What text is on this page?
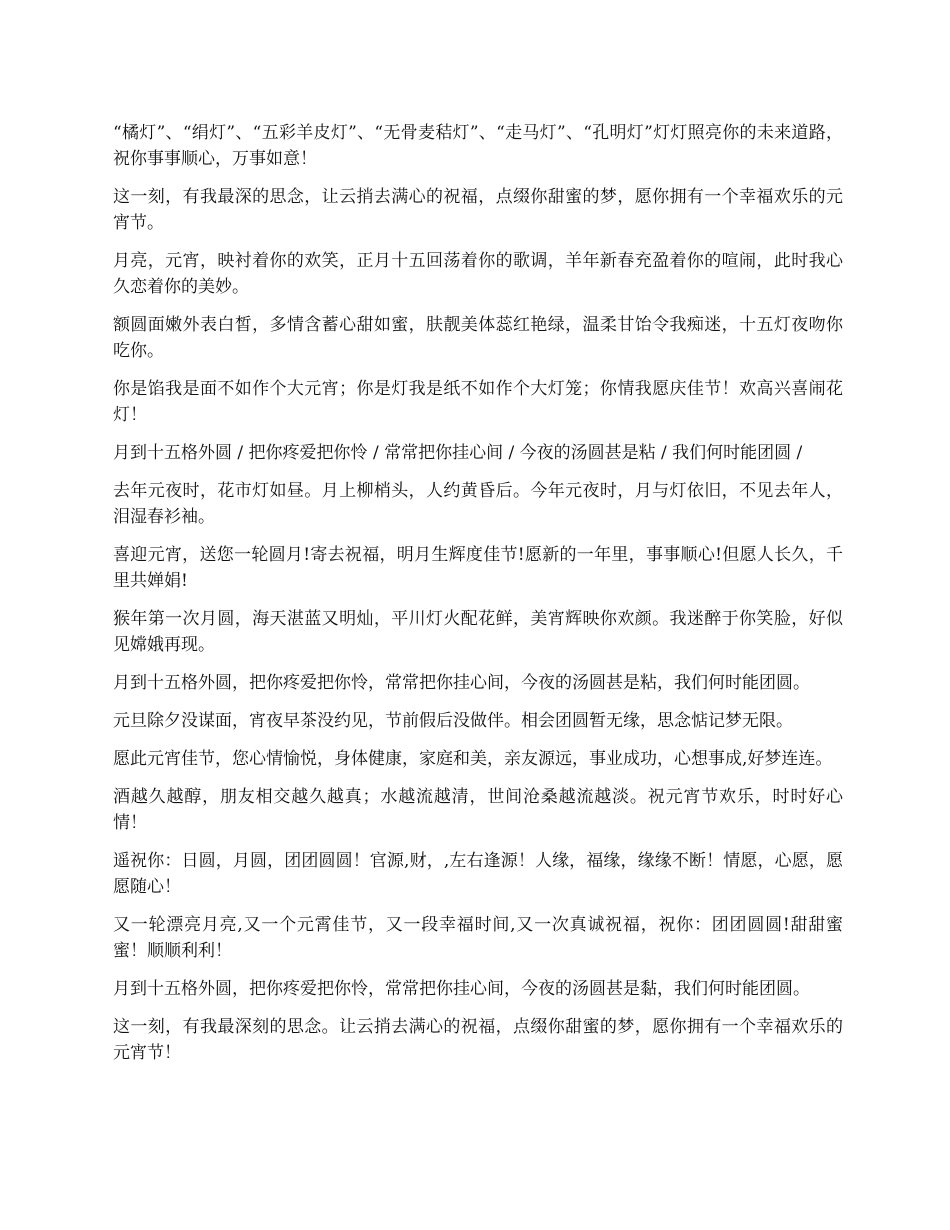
“橘灯”、“绢灯”、“五彩羊皮灯”、“无骨麦秸灯”、“走马灯”、“孔明灯”灯灯照亮你的未来道路，祝你事事顺心，万事如意！

这一刻，有我最深的思念，让云捎去满心的祝福，点缀你甜蜜的梦，愿你拥有一个幸福欢乐的元宵节。

月亮，元宵，映衬着你的欢笑，正月十五回荡着你的歌调，羊年新春充盈着你的喧闹，此时我心久恋着你的美妙。

额圆面嫩外表白皙，多情含蓄心甜如蜜，肤靓美体蕊红艳绿，温柔甘饴令我痴迷，十五灯夜吻你吃你。

你是馅我是面不如作个大元宵；你是灯我是纸不如作个大灯笼；你情我愿庆佳节！欢高兴喜闹花灯！

月到十五格外圆 / 把你疼爱把你怜 / 常常把你挂心间 / 今夜的汤圆甚是粘 / 我们何时能团圆 /

去年元夜时，花市灯如昼。月上柳梢头，人约黄昏后。今年元夜时，月与灯依旧，不见去年人，泪湿春衫袖。

喜迎元宵，送您一轮圆月!寄去祝福，明月生辉度佳节!愿新的一年里，事事顺心!但愿人长久，千里共婵娟!

猴年第一次月圆，海天湛蓝又明灿，平川灯火配花鲜，美宵辉映你欢颜。我迷醉于你笑脸，好似见嫦娥再现。

月到十五格外圆，把你疼爱把你怜，常常把你挂心间，今夜的汤圆甚是粘，我们何时能团圆。

元旦除夕没谋面，宵夜早茶没约见，节前假后没做伴。相会团圆暂无缘，思念惦记梦无限。

愿此元宵佳节，您心情愉悦，身体健康，家庭和美，亲友源远，事业成功，心想事成,好梦连连。

酒越久越醇，朋友相交越久越真；水越流越清，世间沧桑越流越淡。祝元宵节欢乐，时时好心情！

遥祝你：日圆，月圆，团团圆圆！官源,财，,左右逢源！人缘，福缘，缘缘不断！情愿，心愿，愿愿随心！

又一轮漂亮月亮,又一个元霄佳节，又一段幸福时间,又一次真诚祝福，祝你：团团圆圆!甜甜蜜蜜！顺顺利利！

月到十五格外圆，把你疼爱把你怜，常常把你挂心间，今夜的汤圆甚是黏，我们何时能团圆。

这一刻，有我最深刻的思念。让云捎去满心的祝福，点缀你甜蜜的梦，愿你拥有一个幸福欢乐的元宵节！
